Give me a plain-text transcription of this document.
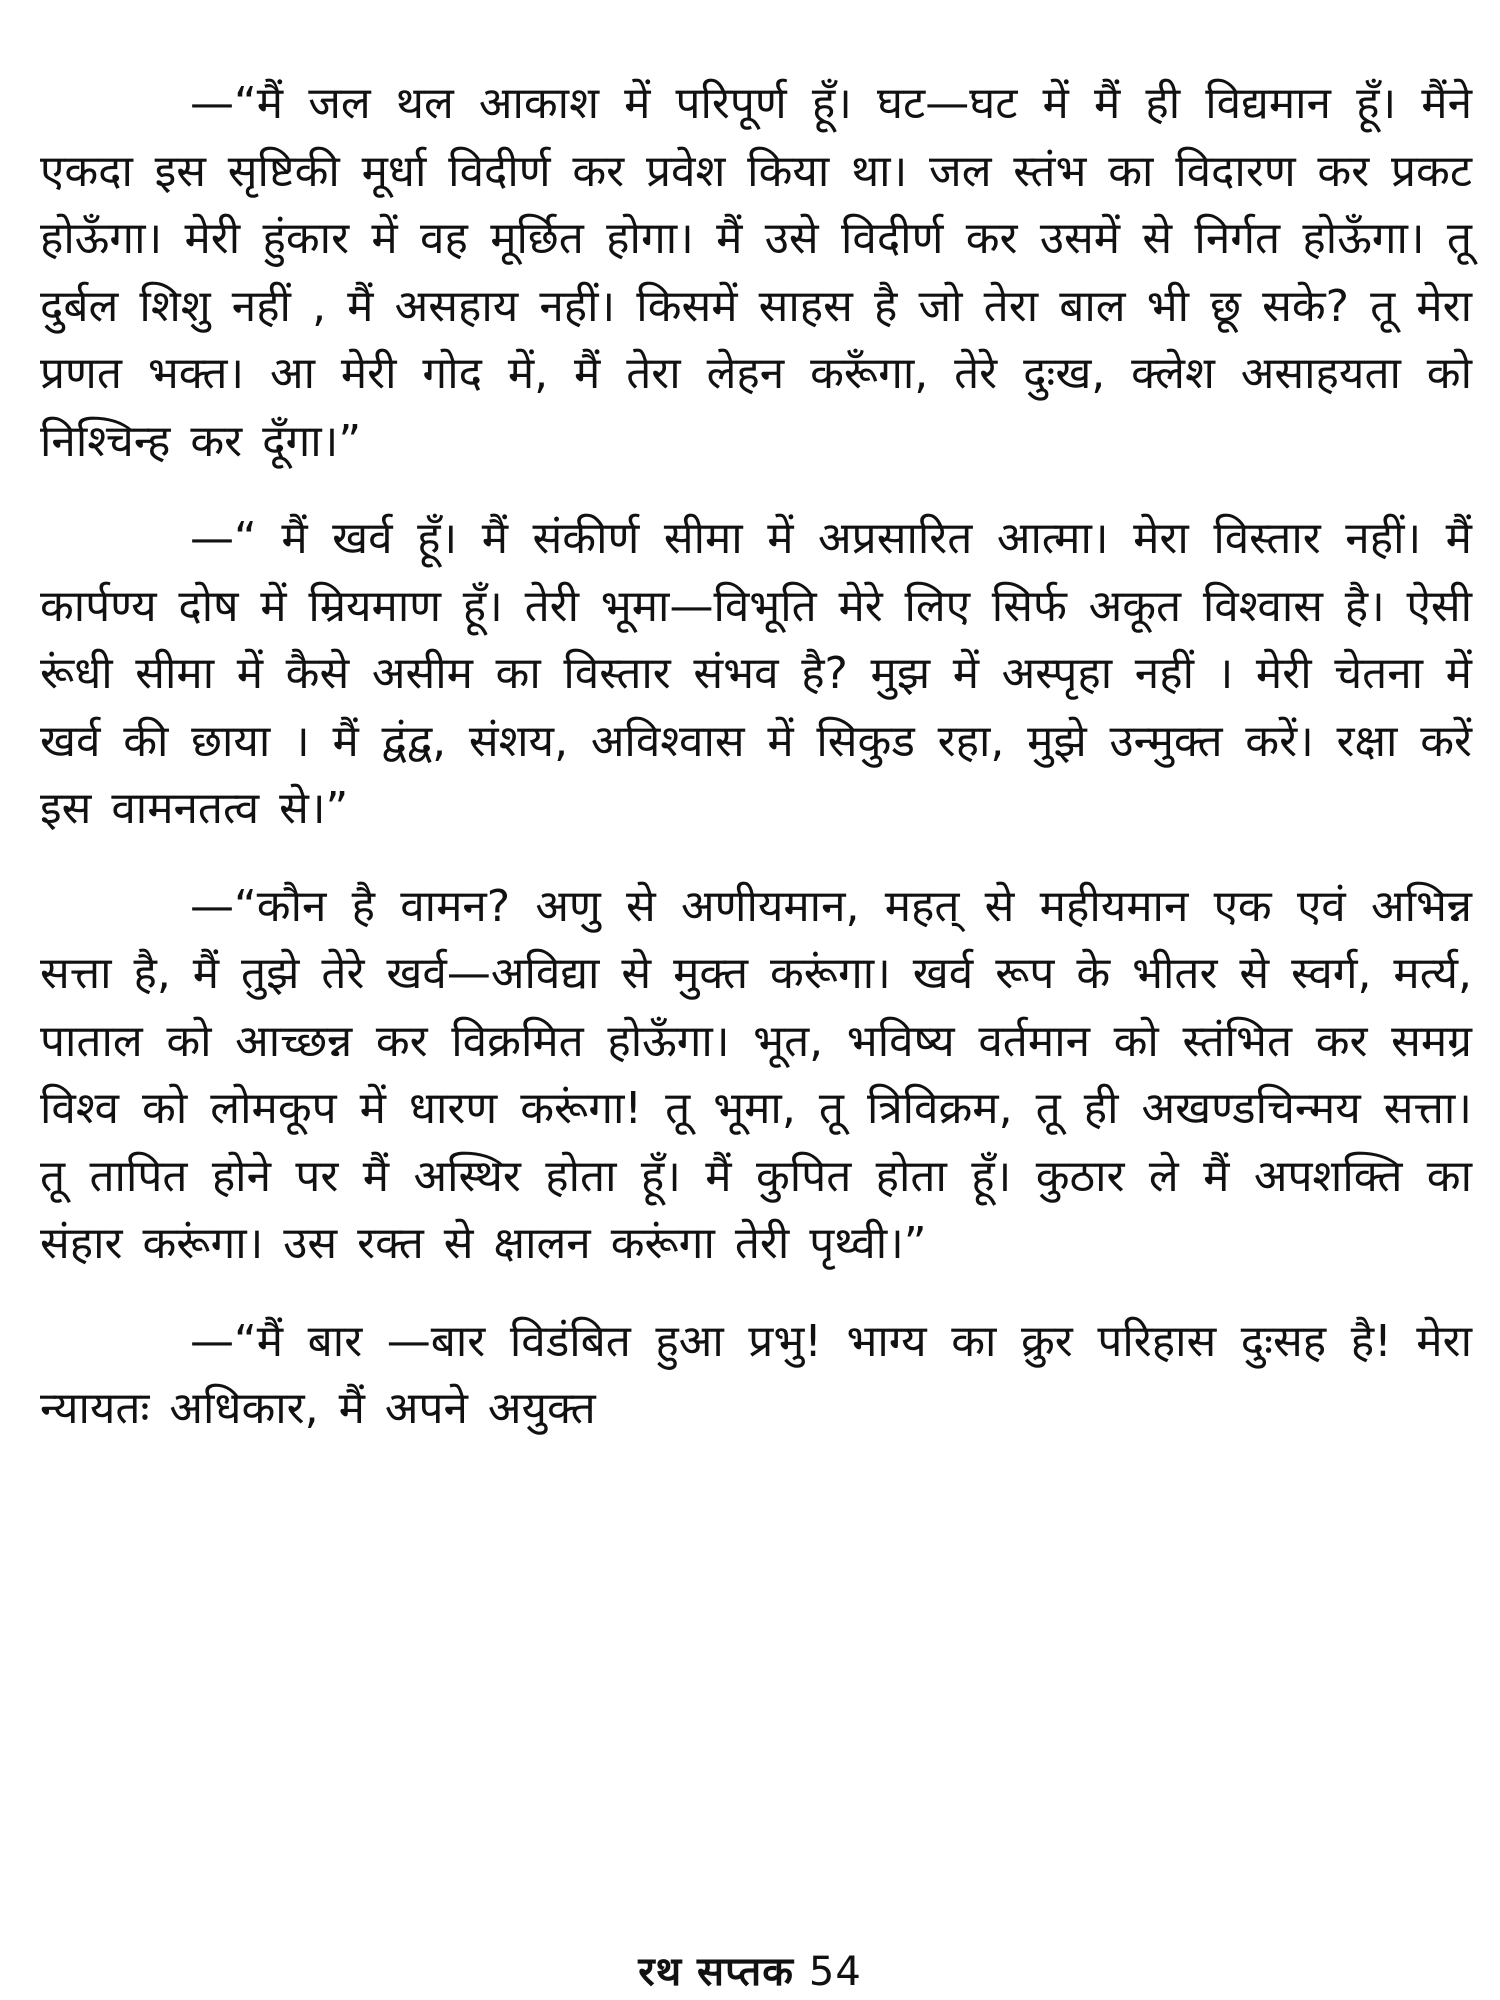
—“मैं जल थल आकाश में परिपूर्ण हूँ। घट—घट में मैं ही विद्यमान हूँ। मैंने एकदा इस सृष्टिकी मूर्धा विदीर्ण कर प्रवेश किया था। जल स्तंभ का विदारण कर प्रकट होऊँगा। मेरी हुंकार में वह मूर्छित होगा। मैं उसे विदीर्ण कर उसमें से निर्गत होऊँगा। तू दुर्बल शिशु नहीं , मैं असहाय नहीं। किसमें साहस है जो तेरा बाल भी छू सके? तू मेरा प्रणत भक्त। आ मेरी गोद में, मैं तेरा लेहन करूँगा, तेरे दुःख, क्लेश असाहयता को निश्चिन्ह कर दूँगा।”

—“ मैं खर्व हूँ। मैं संकीर्ण सीमा में अप्रसारित आत्मा। मेरा विस्तार नहीं। मैं कार्पण्य दोष में म्रियमाण हूँ। तेरी भूमा—विभूति मेरे लिए सिर्फ अकूत विश्वास है। ऐसी रूंधी सीमा में कैसे असीम का विस्तार संभव है? मुझ में अस्पृहा नहीं । मेरी चेतना में खर्व की छाया । मैं द्वंद्व, संशय, अविश्वास में सिकुड रहा, मुझे उन्मुक्त करें। रक्षा करें इस वामनतत्व से।”

—“कौन है वामन? अणु से अणीयमान, महत् से महीयमान एक एवं अभिन्न सत्ता है, मैं तुझे तेरे खर्व—अविद्या से मुक्त करूंगा। खर्व रूप के भीतर से स्वर्ग, मर्त्य, पाताल को आच्छन्न कर विक्रमित होऊँगा। भूत, भविष्य वर्तमान को स्तंभित कर समग्र विश्व को लोमकूप में धारण करूंगा! तू भूमा, तू त्रिविक्रम, तू ही अखण्डचिन्मय सत्ता। तू तापित होने पर मैं अस्थिर होता हूँ। मैं कुपित होता हूँ। कुठार ले मैं अपशक्ति का संहार करूंगा। उस रक्त से क्षालन करूंगा तेरी पृथ्वी।”

—“मैं बार —बार विडंबित हुआ प्रभु! भाग्य का क्रुर परिहास दुःसह है! मेरा न्यायतः अधिकार, मैं अपने अयुक्त

रथ सप्तक 54
